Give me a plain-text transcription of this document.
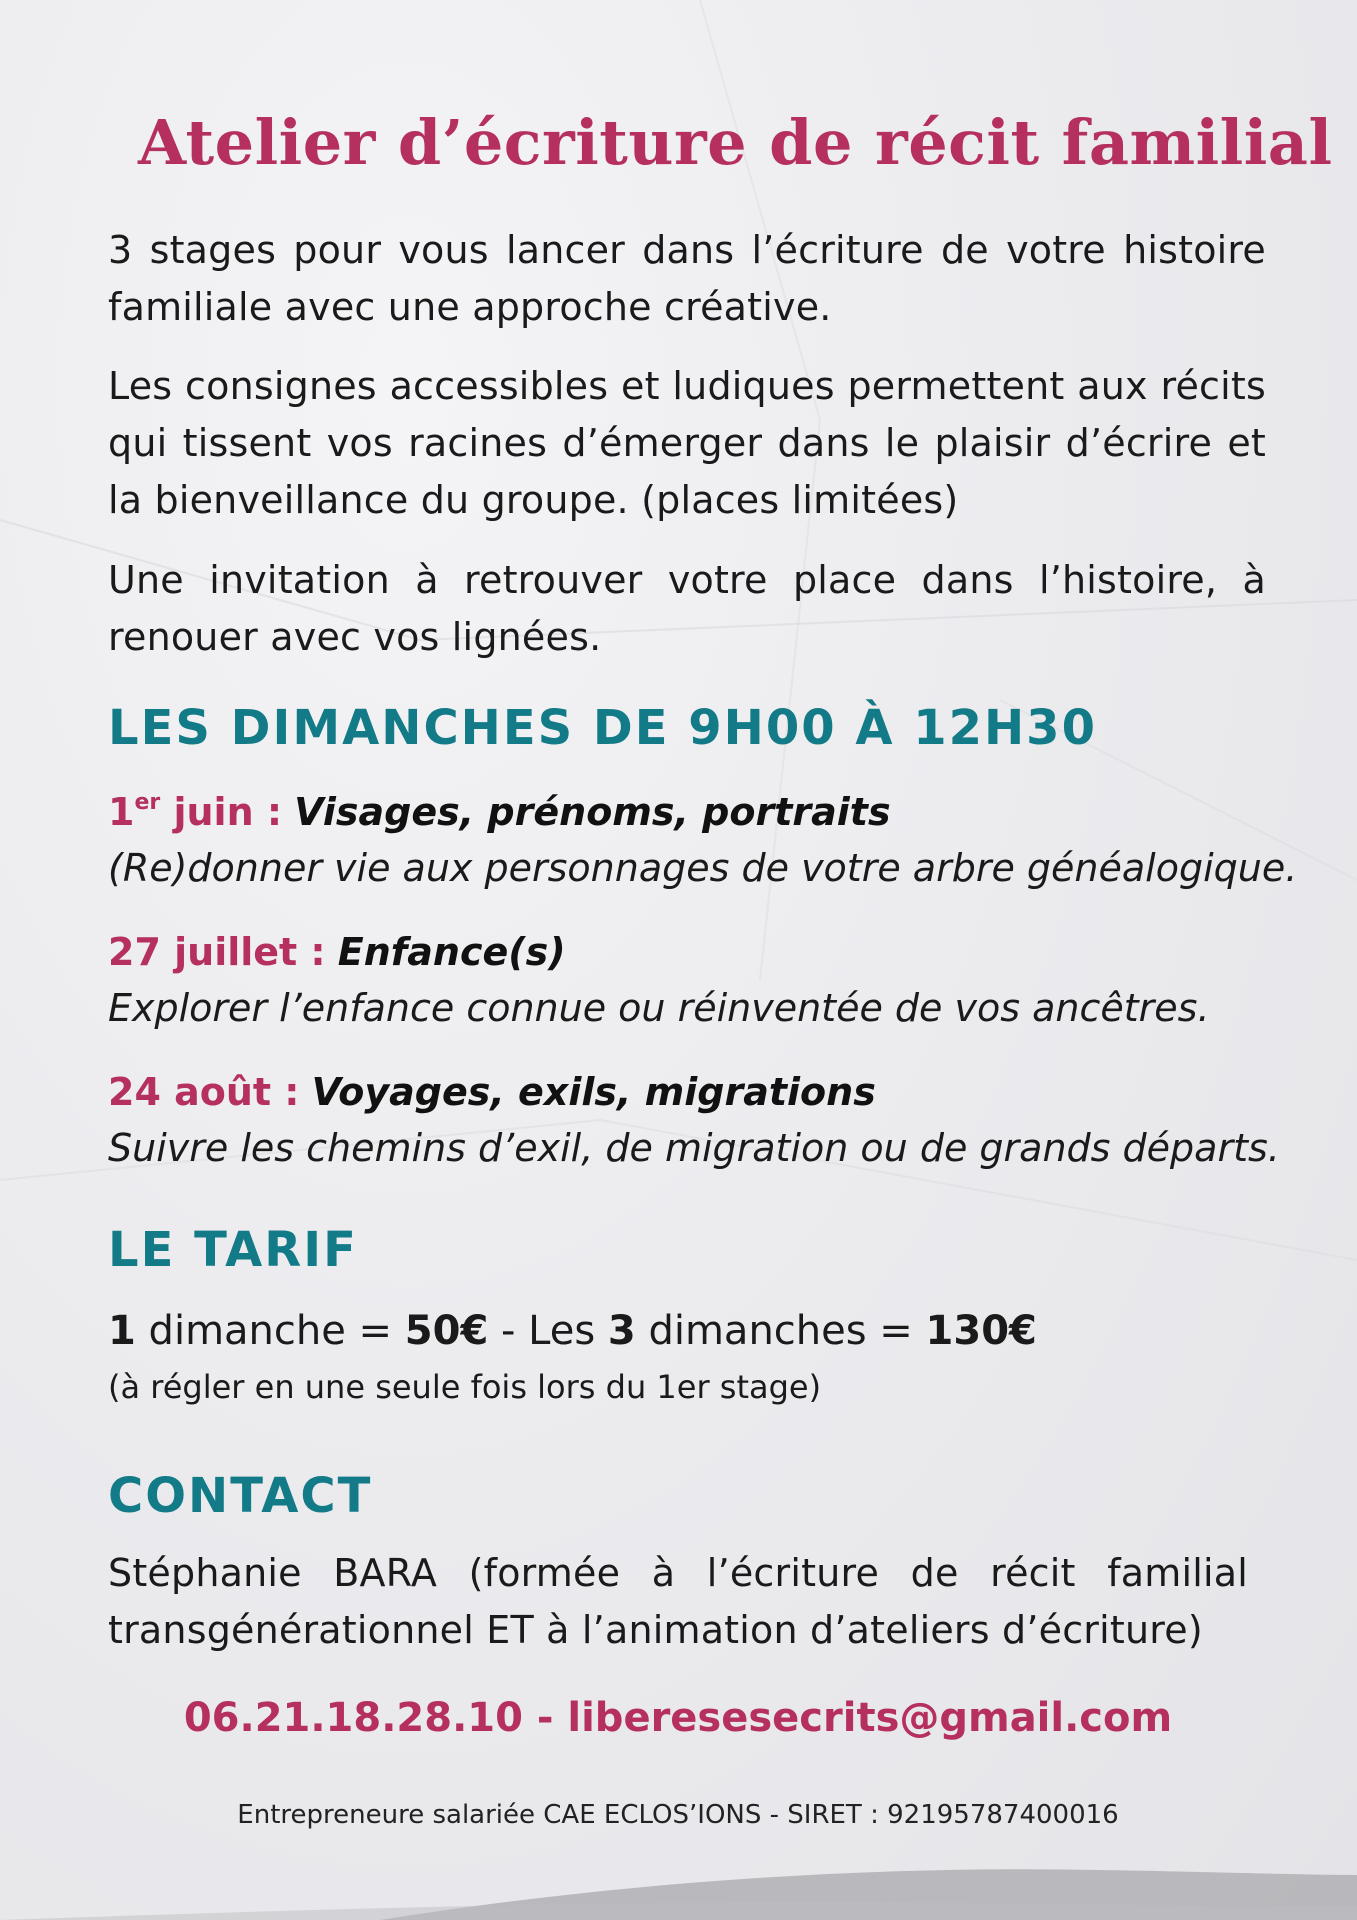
Atelier d’écriture de récit familial

3 stages pour vous lancer dans l’écriture de votre histoire familiale avec une approche créative.

Les consignes accessibles et ludiques permettent aux récits qui tissent vos racines d’émerger dans le plaisir d’écrire et la bienveillance du groupe. (places limitées)

Une invitation à retrouver votre place dans l’histoire, à renouer avec vos lignées.

LES DIMANCHES DE 9H00 À 12H30
1er juin : Visages, prénoms, portraits
(Re)donner vie aux personnages de votre arbre généalogique.
27 juillet : Enfance(s)
Explorer l’enfance connue ou réinventée de vos ancêtres.
24 août : Voyages, exils, migrations
Suivre les chemins d’exil, de migration ou de grands départs.
LE TARIF
1 dimanche = 50€ - Les 3 dimanches = 130€
(à régler en une seule fois lors du 1er stage)
CONTACT

Stéphanie BARA (formée à l’écriture de récit familial transgénérationnel ET à l’animation d’ateliers d’écriture)

06.21.18.28.10 - liberesesecrits@gmail.com
Entrepreneure salariée CAE ECLOS’IONS - SIRET : 92195787400016
